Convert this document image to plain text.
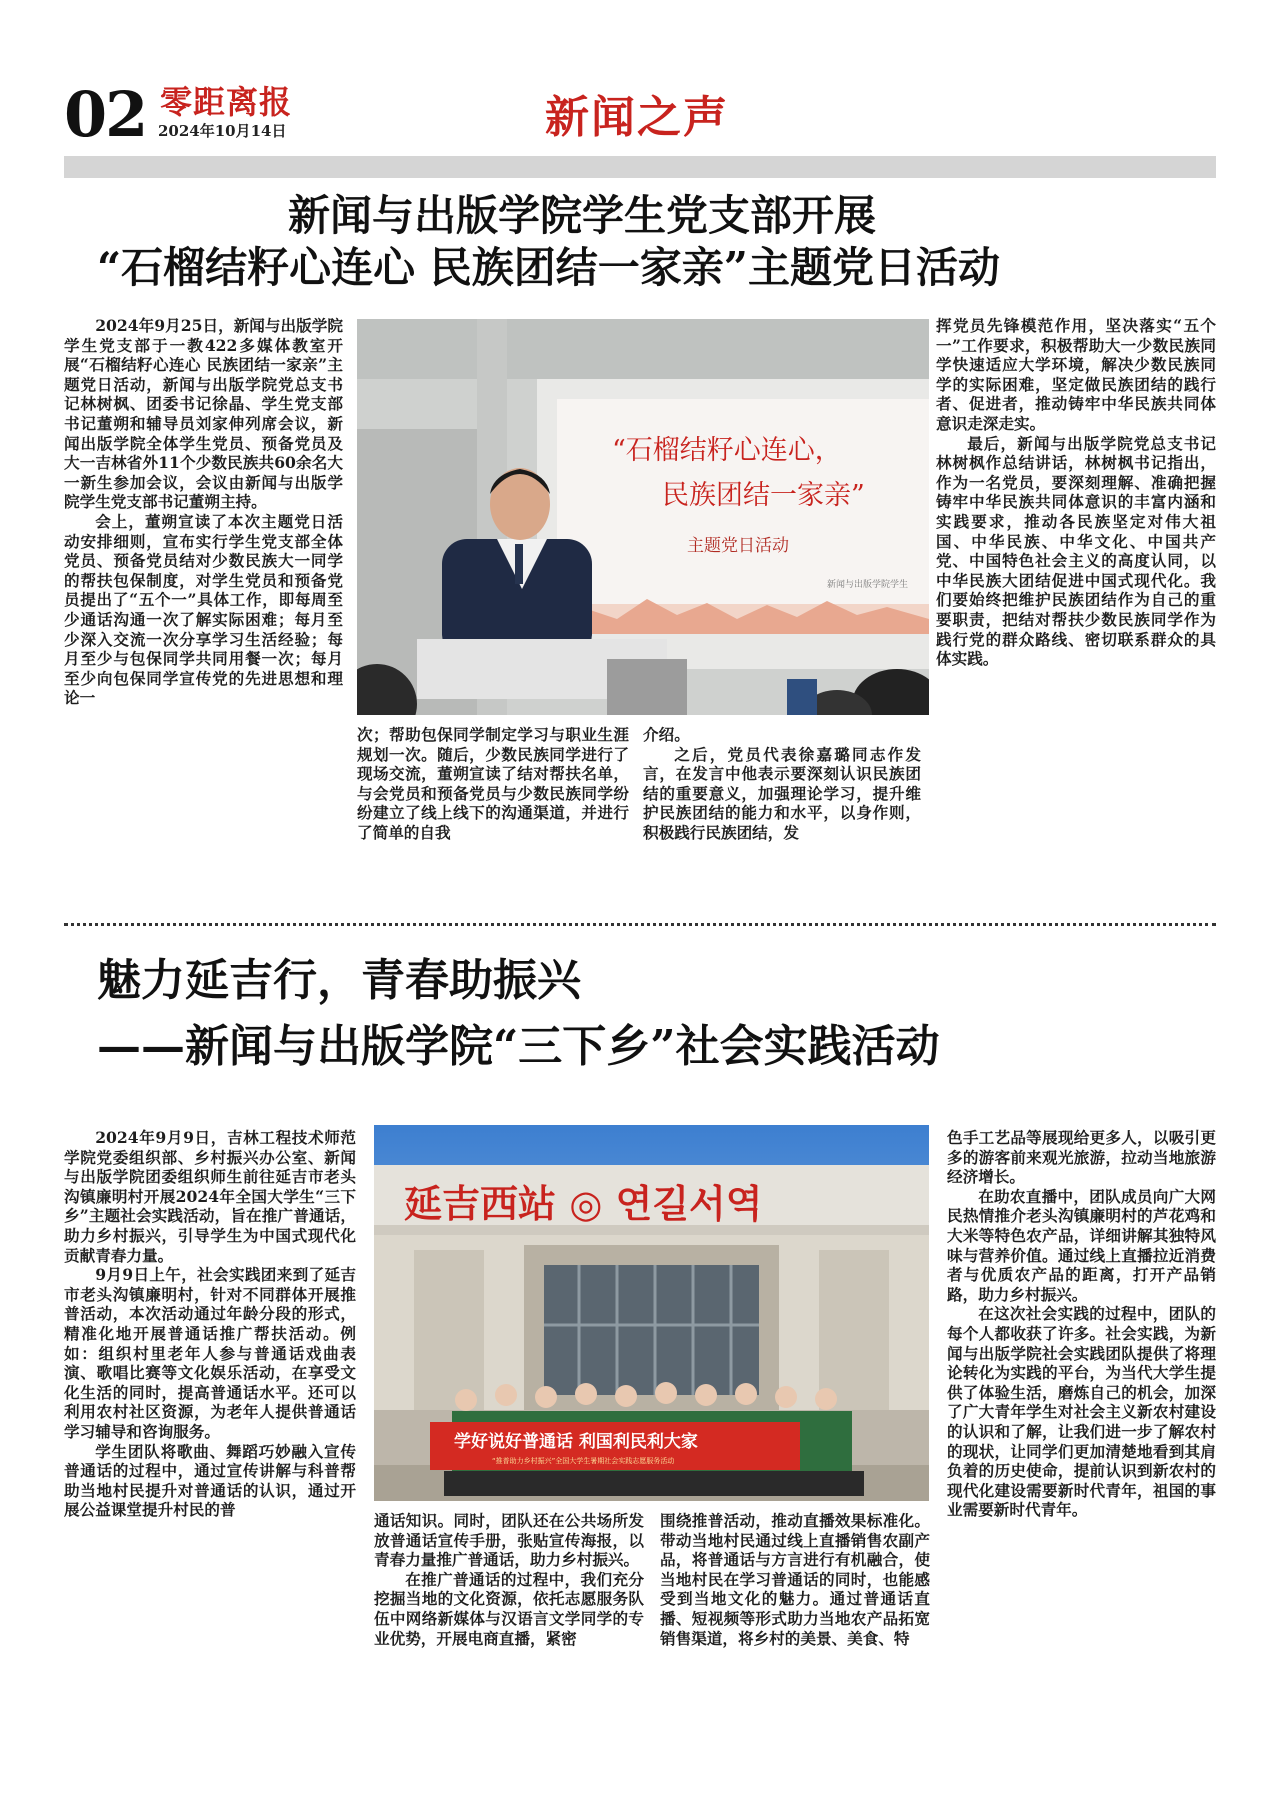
02 零距离报
2024年10月14日	新闻之声
新闻与出版学院学生党支部开展
“石榴结籽心连心 民族团结一家亲”主题党日活动

2024年9月25日，新闻与出版学院学生党支部于一教422多媒体教室开展“石榴结籽心连心 民族团结一家亲”主题党日活动，新闻与出版学院党总支书记林树枫、团委书记徐晶、学生党支部书记董朔和辅导员刘家伸列席会议，新闻出版学院全体学生党员、预备党员及大一吉林省外11个少数民族共60余名大一新生参加会议，会议由新闻与出版学院学生党支部书记董朔主持。

会上，董朔宣读了本次主题党日活动安排细则，宣布实行学生党支部全体党员、预备党员结对少数民族大一同学的帮扶包保制度，对学生党员和预备党员提出了“五个一”具体工作，即每周至少通话沟通一次了解实际困难；每月至少深入交流一次分享学习生活经验；每月至少与包保同学共同用餐一次；每月至少向包保同学宣传党的先进思想和理论一

“石榴结籽心连心，
民族团结一家亲”
主题党日活动
新闻与出版学院学生

次；帮助包保同学制定学习与职业生涯规划一次。随后，少数民族同学进行了现场交流，董朔宣读了结对帮扶名单，与会党员和预备党员与少数民族同学纷纷建立了线上线下的沟通渠道，并进行了简单的自我

介绍。

之后，党员代表徐嘉璐同志作发言，在发言中他表示要深刻认识民族团结的重要意义，加强理论学习，提升维护民族团结的能力和水平，以身作则，积极践行民族团结，发

挥党员先锋模范作用，坚决落实“五个一”工作要求，积极帮助大一少数民族同学快速适应大学环境，解决少数民族同学的实际困难，坚定做民族团结的践行者、促进者，推动铸牢中华民族共同体意识走深走实。

最后，新闻与出版学院党总支书记林树枫作总结讲话，林树枫书记指出，作为一名党员，要深刻理解、准确把握铸牢中华民族共同体意识的丰富内涵和实践要求，推动各民族坚定对伟大祖国、中华民族、中华文化、中国共产党、中国特色社会主义的高度认同，以中华民族大团结促进中国式现代化。我们要始终把维护民族团结作为自己的重要职责，把结对帮扶少数民族同学作为践行党的群众路线、密切联系群众的具体实践。

魅力延吉行，青春助振兴
——新闻与出版学院“三下乡”社会实践活动

2024年9月9日，吉林工程技术师范学院党委组织部、乡村振兴办公室、新闻与出版学院团委组织师生前往延吉市老头沟镇廉明村开展2024年全国大学生“三下乡”主题社会实践活动，旨在推广普通话，助力乡村振兴，引导学生为中国式现代化贡献青春力量。

9月9日上午，社会实践团来到了延吉市老头沟镇廉明村，针对不同群体开展推普活动，本次活动通过年龄分段的形式，精准化地开展普通话推广帮扶活动。例如：组织村里老年人参与普通话戏曲表演、歌唱比赛等文化娱乐活动，在享受文化生活的同时，提高普通话水平。还可以利用农村社区资源，为老年人提供普通话学习辅导和咨询服务。

学生团队将歌曲、舞蹈巧妙融入宣传普通话的过程中，通过宣传讲解与科普帮助当地村民提升对普通话的认识，通过开展公益课堂提升村民的普

延吉西站 ◎ 연길서역
学好说好普通话 利国利民利大家
“推普助力乡村振兴”全国大学生暑期社会实践志愿服务活动

通话知识。同时，团队还在公共场所发放普通话宣传手册，张贴宣传海报，以青春力量推广普通话，助力乡村振兴。

在推广普通话的过程中，我们充分挖掘当地的文化资源，依托志愿服务队伍中网络新媒体与汉语言文学同学的专业优势，开展电商直播，紧密

围绕推普活动，推动直播效果标准化。带动当地村民通过线上直播销售农副产品，将普通话与方言进行有机融合，使当地村民在学习普通话的同时，也能感受到当地文化的魅力。通过普通话直播、短视频等形式助力当地农产品拓宽销售渠道，将乡村的美景、美食、特

色手工艺品等展现给更多人，以吸引更多的游客前来观光旅游，拉动当地旅游经济增长。

在助农直播中，团队成员向广大网民热情推介老头沟镇廉明村的芦花鸡和大米等特色农产品，详细讲解其独特风味与营养价值。通过线上直播拉近消费者与优质农产品的距离，打开产品销路，助力乡村振兴。

在这次社会实践的过程中，团队的每个人都收获了许多。社会实践，为新闻与出版学院社会实践团队提供了将理论转化为实践的平台，为当代大学生提供了体验生活，磨炼自己的机会，加深了广大青年学生对社会主义新农村建设的认识和了解，让我们进一步了解农村的现状，让同学们更加清楚地看到其肩负着的历史使命，提前认识到新农村的现代化建设需要新时代青年，祖国的事业需要新时代青年。
